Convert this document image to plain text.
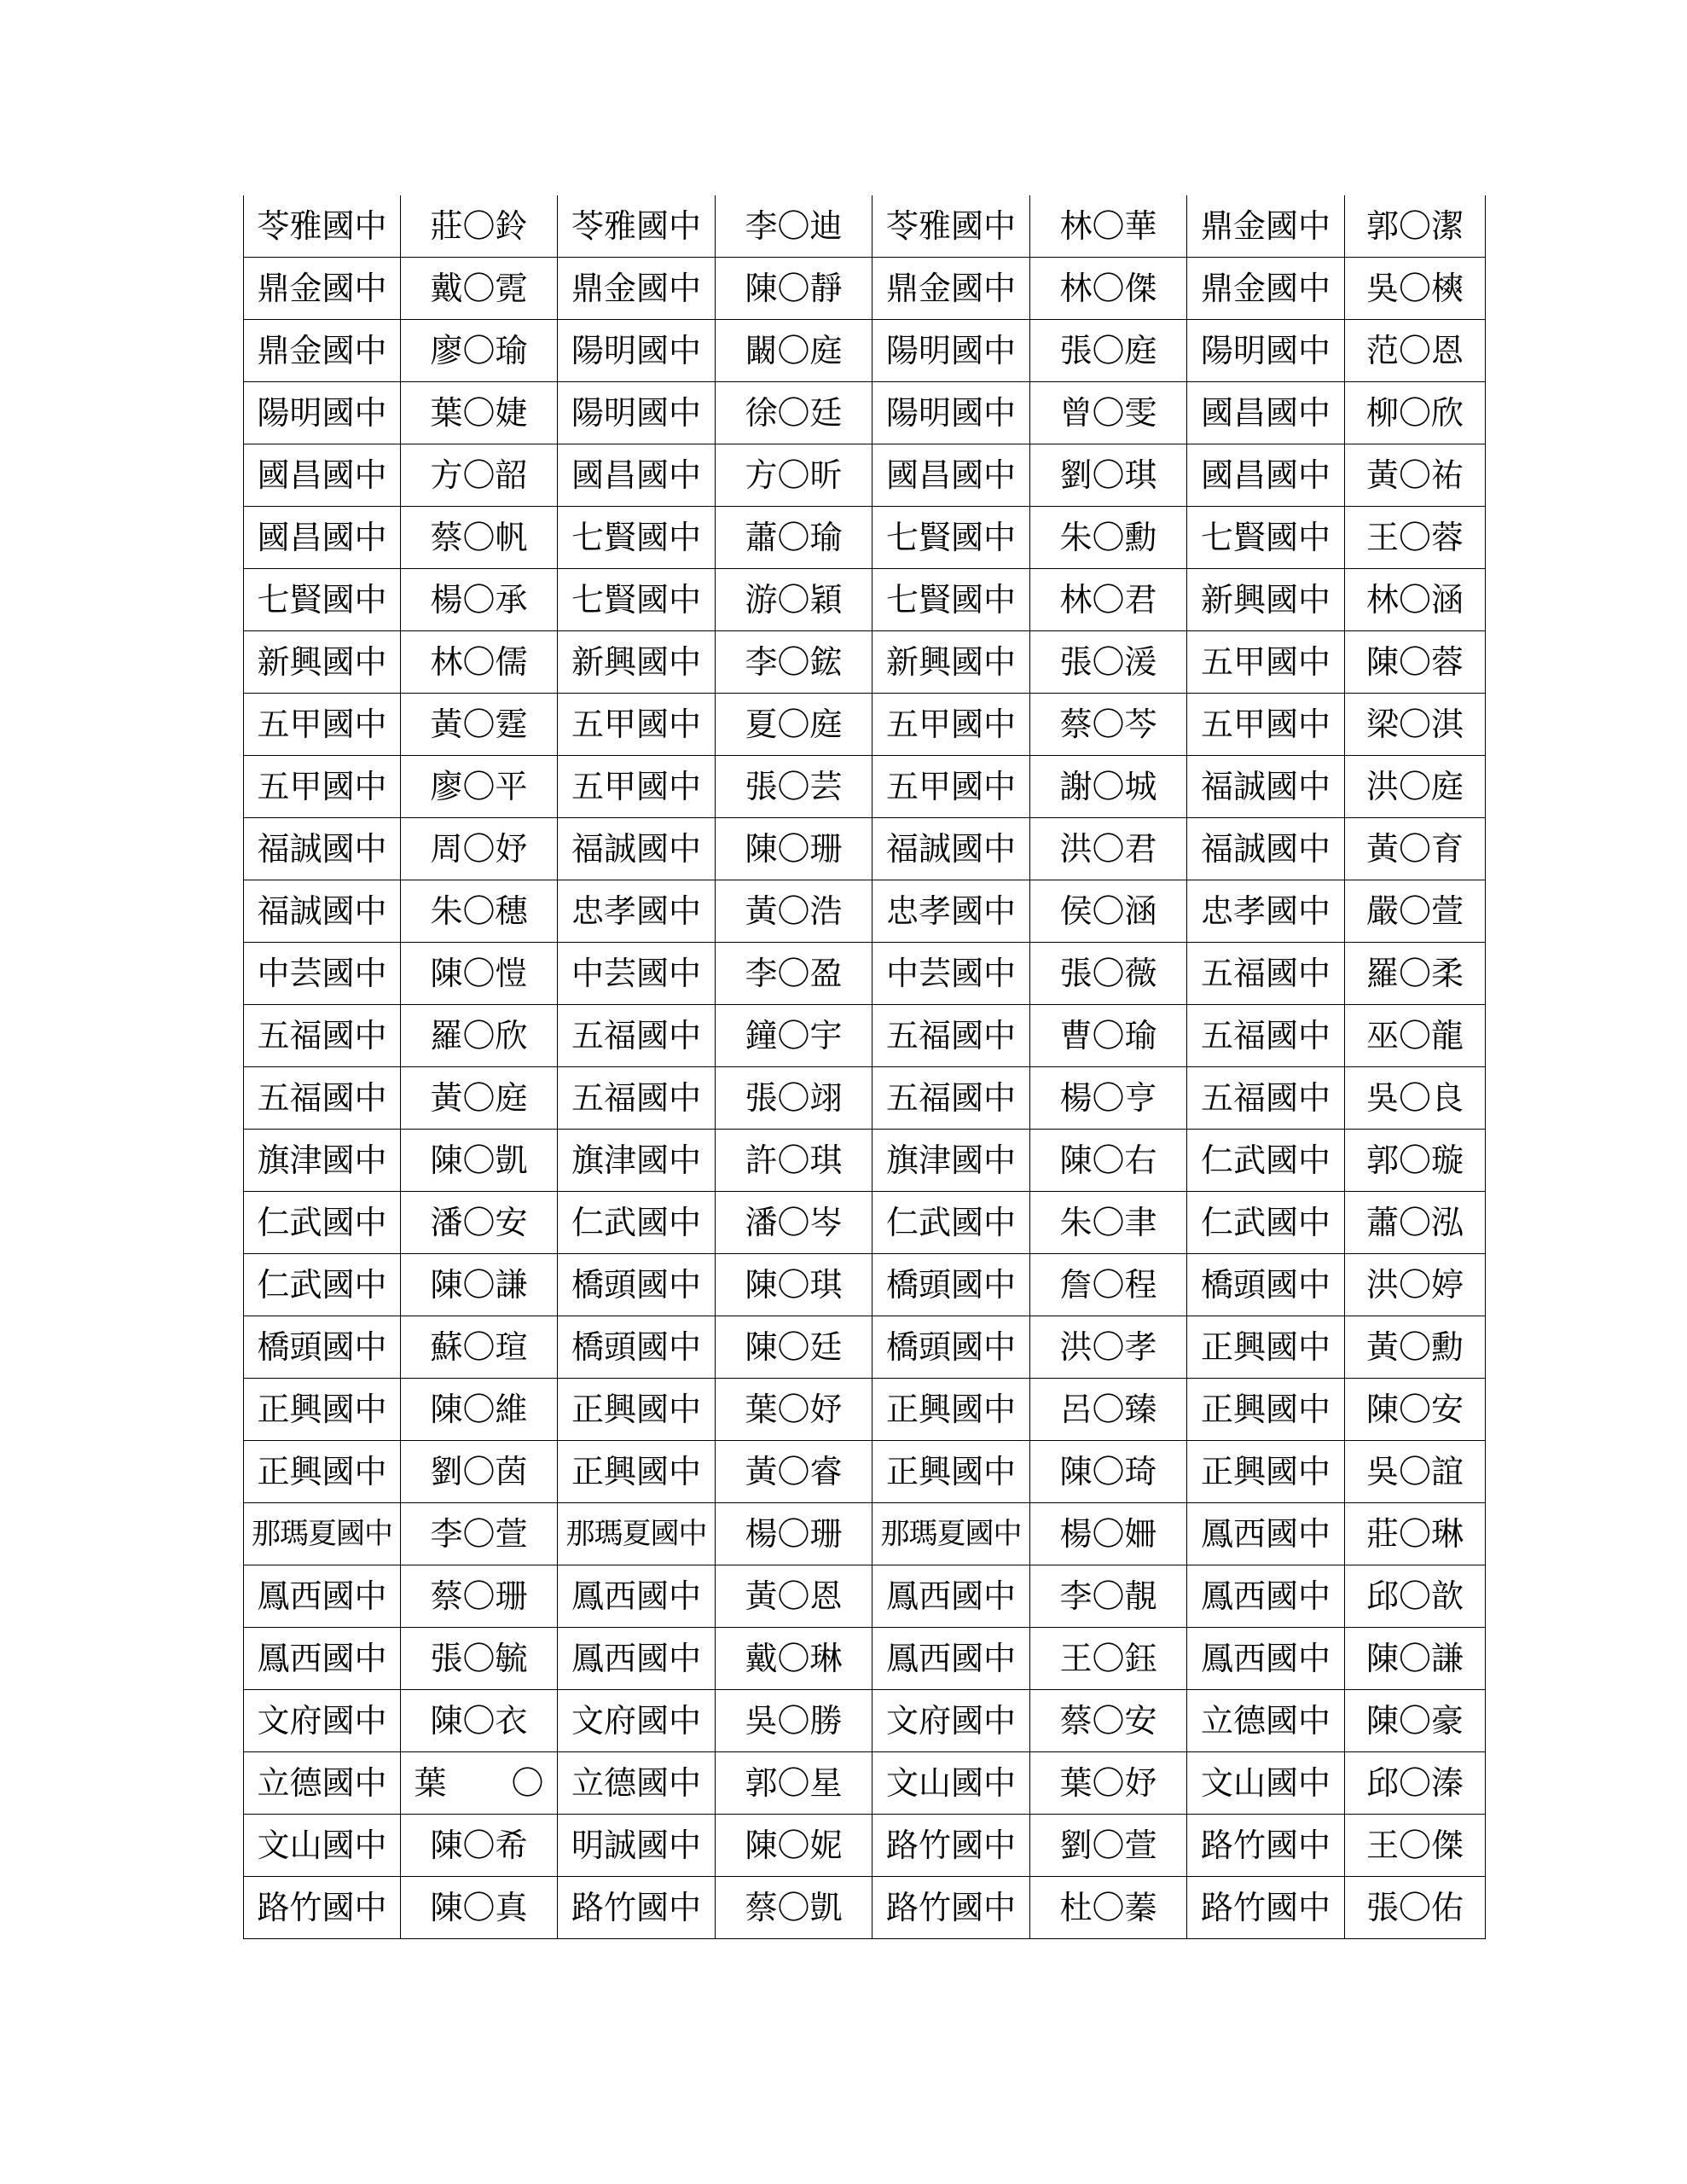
苓雅國中	莊〇鈴	苓雅國中	李〇迪	苓雅國中	林〇華	鼎金國中	郭〇潔
鼎金國中	戴〇霓	鼎金國中	陳〇靜	鼎金國中	林〇傑	鼎金國中	吳〇樉
鼎金國中	廖〇瑜	陽明國中	闞〇庭	陽明國中	張〇庭	陽明國中	范〇恩
陽明國中	葉〇婕	陽明國中	徐〇廷	陽明國中	曾〇雯	國昌國中	柳〇欣
國昌國中	方〇韶	國昌國中	方〇昕	國昌國中	劉〇琪	國昌國中	黃〇祐
國昌國中	蔡〇帆	七賢國中	蕭〇瑜	七賢國中	朱〇勳	七賢國中	王〇蓉
七賢國中	楊〇承	七賢國中	游〇穎	七賢國中	林〇君	新興國中	林〇涵
新興國中	林〇儒	新興國中	李〇鋐	新興國中	張〇湲	五甲國中	陳〇蓉
五甲國中	黃〇霆	五甲國中	夏〇庭	五甲國中	蔡〇芩	五甲國中	梁〇淇
五甲國中	廖〇平	五甲國中	張〇芸	五甲國中	謝〇城	福誠國中	洪〇庭
福誠國中	周〇妤	福誠國中	陳〇珊	福誠國中	洪〇君	福誠國中	黃〇育
福誠國中	朱〇穗	忠孝國中	黃〇浩	忠孝國中	侯〇涵	忠孝國中	嚴〇萱
中芸國中	陳〇愷	中芸國中	李〇盈	中芸國中	張〇薇	五福國中	羅〇柔
五福國中	羅〇欣	五福國中	鐘〇宇	五福國中	曹〇瑜	五福國中	巫〇龍
五福國中	黃〇庭	五福國中	張〇翊	五福國中	楊〇亨	五福國中	吳〇良
旗津國中	陳〇凱	旗津國中	許〇琪	旗津國中	陳〇右	仁武國中	郭〇璇
仁武國中	潘〇安	仁武國中	潘〇岑	仁武國中	朱〇聿	仁武國中	蕭〇泓
仁武國中	陳〇謙	橋頭國中	陳〇琪	橋頭國中	詹〇程	橋頭國中	洪〇婷
橋頭國中	蘇〇瑄	橋頭國中	陳〇廷	橋頭國中	洪〇孝	正興國中	黃〇勳
正興國中	陳〇維	正興國中	葉〇妤	正興國中	呂〇臻	正興國中	陳〇安
正興國中	劉〇茵	正興國中	黃〇睿	正興國中	陳〇琦	正興國中	吳〇誼
那瑪夏國中	李〇萱	那瑪夏國中	楊〇珊	那瑪夏國中	楊〇姍	鳳西國中	莊〇琳
鳳西國中	蔡〇珊	鳳西國中	黃〇恩	鳳西國中	李〇靚	鳳西國中	邱〇歆
鳳西國中	張〇毓	鳳西國中	戴〇琳	鳳西國中	王〇鈺	鳳西國中	陳〇謙
文府國中	陳〇衣	文府國中	吳〇勝	文府國中	蔡〇安	立德國中	陳〇豪
立德國中	葉　　〇	立德國中	郭〇星	文山國中	葉〇妤	文山國中	邱〇溱
文山國中	陳〇希	明誠國中	陳〇妮	路竹國中	劉〇萱	路竹國中	王〇傑
路竹國中	陳〇真	路竹國中	蔡〇凱	路竹國中	杜〇蓁	路竹國中	張〇佑
